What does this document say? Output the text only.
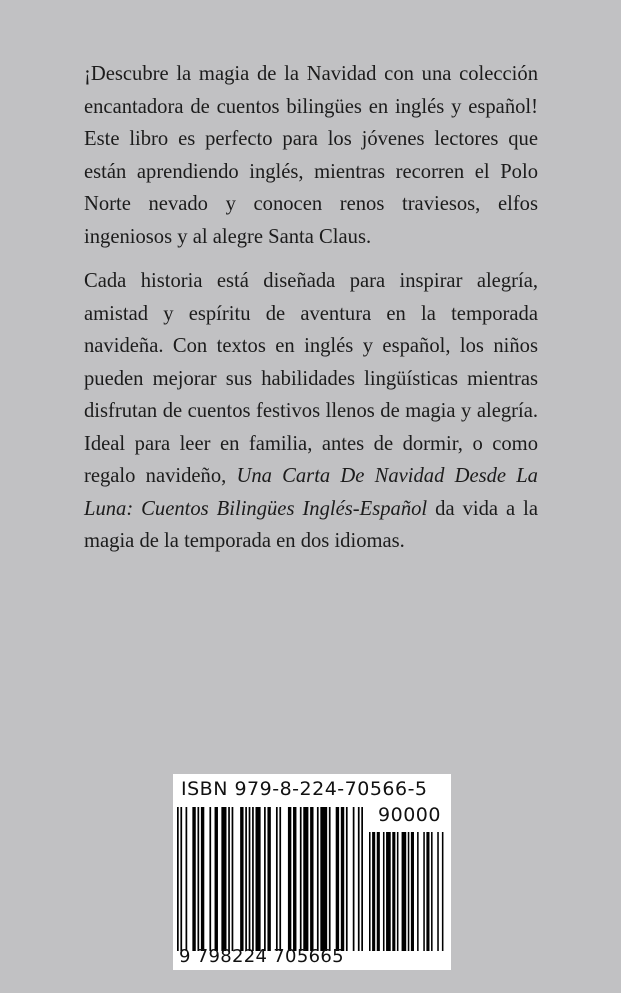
¡Descubre la magia de la Navidad con una colección encantadora de cuentos bilingües en inglés y español! Este libro es perfecto para los jóvenes lectores que están aprendiendo inglés, mientras recorren el Polo Norte nevado y conocen renos traviesos, elfos ingeniosos y al alegre Santa Claus.

Cada historia está diseñada para inspirar alegría, amistad y espíritu de aventura en la temporada navideña. Con textos en inglés y español, los niños pueden mejorar sus habilidades lingüísticas mientras disfrutan de cuentos festivos llenos de magia y alegría. Ideal para leer en familia, antes de dormir, o como regalo navideño, Una Carta De Navidad Desde La Luna: Cuentos Bilingües Inglés-Español da vida a la magia de la temporada en dos idiomas.

ISBN 979-8-224-70566-5
90000
9 798224 705665
